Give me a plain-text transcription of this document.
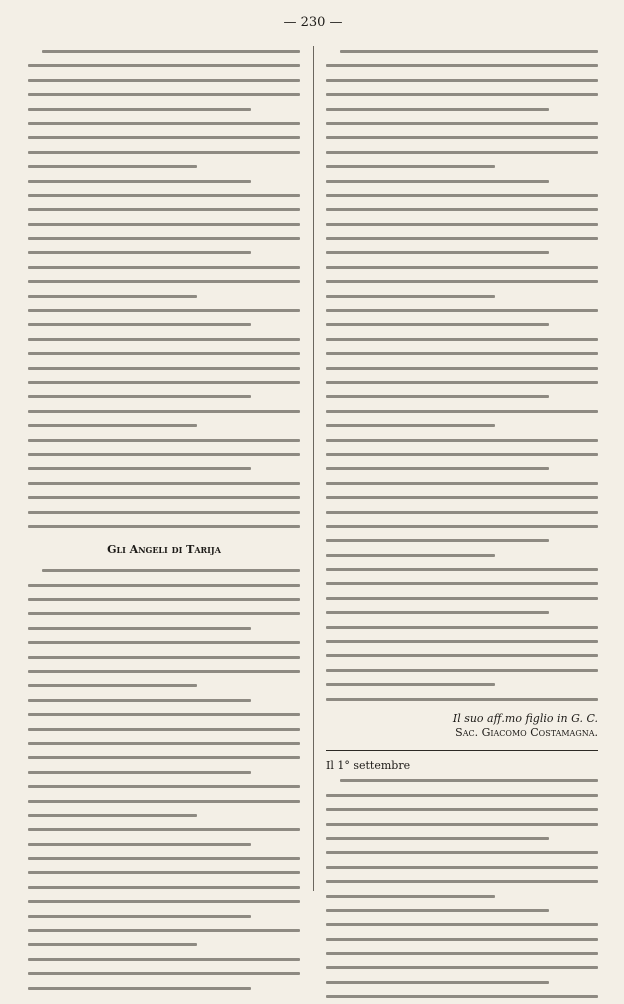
— 230 —
Gli Angeli di Tarija
Il suo aff.mo figlio in G. C.
Sac. Giacomo Costamagna.
Il 1° settembre
